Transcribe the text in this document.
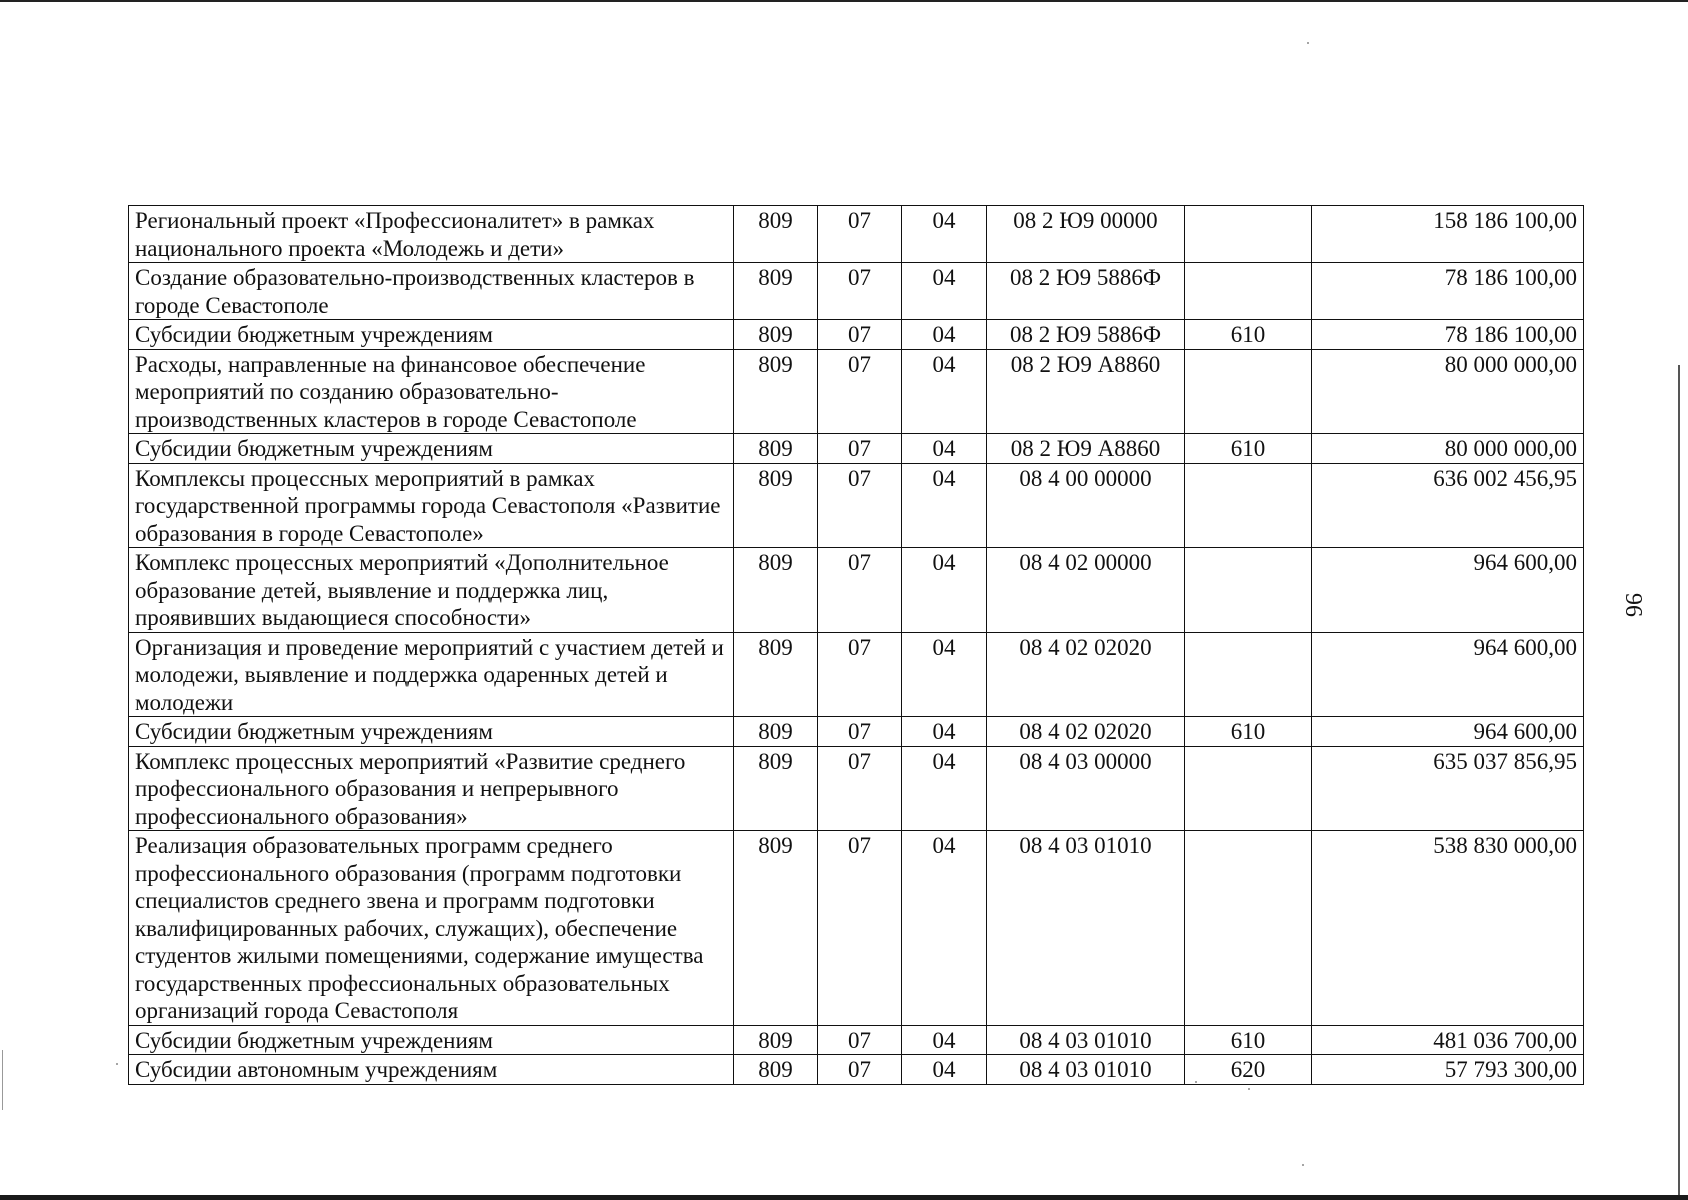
96
Региональный проект «Профессионалитет» в рамках национального проекта «Молодежь и дети»	809	07	04	08 2 Ю9 00000		158 186 100,00
Создание образовательно-производственных кластеров в городе Севастополе	809	07	04	08 2 Ю9 5886Ф		78 186 100,00
Субсидии бюджетным учреждениям	809	07	04	08 2 Ю9 5886Ф	610	78 186 100,00
Расходы, направленные на финансовое обеспечение мероприятий по созданию образовательно-производственных кластеров в городе Севастополе	809	07	04	08 2 Ю9 А8860		80 000 000,00
Субсидии бюджетным учреждениям	809	07	04	08 2 Ю9 А8860	610	80 000 000,00
Комплексы процессных мероприятий в рамках государственной программы города Севастополя «Развитие образования в городе Севастополе»	809	07	04	08 4 00 00000		636 002 456,95
Комплекс процессных мероприятий «Дополнительное образование детей, выявление и поддержка лиц, проявивших выдающиеся способности»	809	07	04	08 4 02 00000		964 600,00
Организация и проведение мероприятий с участием детей и молодежи, выявление и поддержка одаренных детей и молодежи	809	07	04	08 4 02 02020		964 600,00
Субсидии бюджетным учреждениям	809	07	04	08 4 02 02020	610	964 600,00
Комплекс процессных мероприятий «Развитие среднего профессионального образования и непрерывного профессионального образования»	809	07	04	08 4 03 00000		635 037 856,95
Реализация образовательных программ среднего профессионального образования (программ подготовки специалистов среднего звена и программ подготовки квалифицированных рабочих, служащих), обеспечение студентов жилыми помещениями, содержание имущества государственных профессиональных образовательных организаций города Севастополя	809	07	04	08 4 03 01010		538 830 000,00
Субсидии бюджетным учреждениям	809	07	04	08 4 03 01010	610	481 036 700,00
Субсидии автономным учреждениям	809	07	04	08 4 03 01010	620	57 793 300,00
